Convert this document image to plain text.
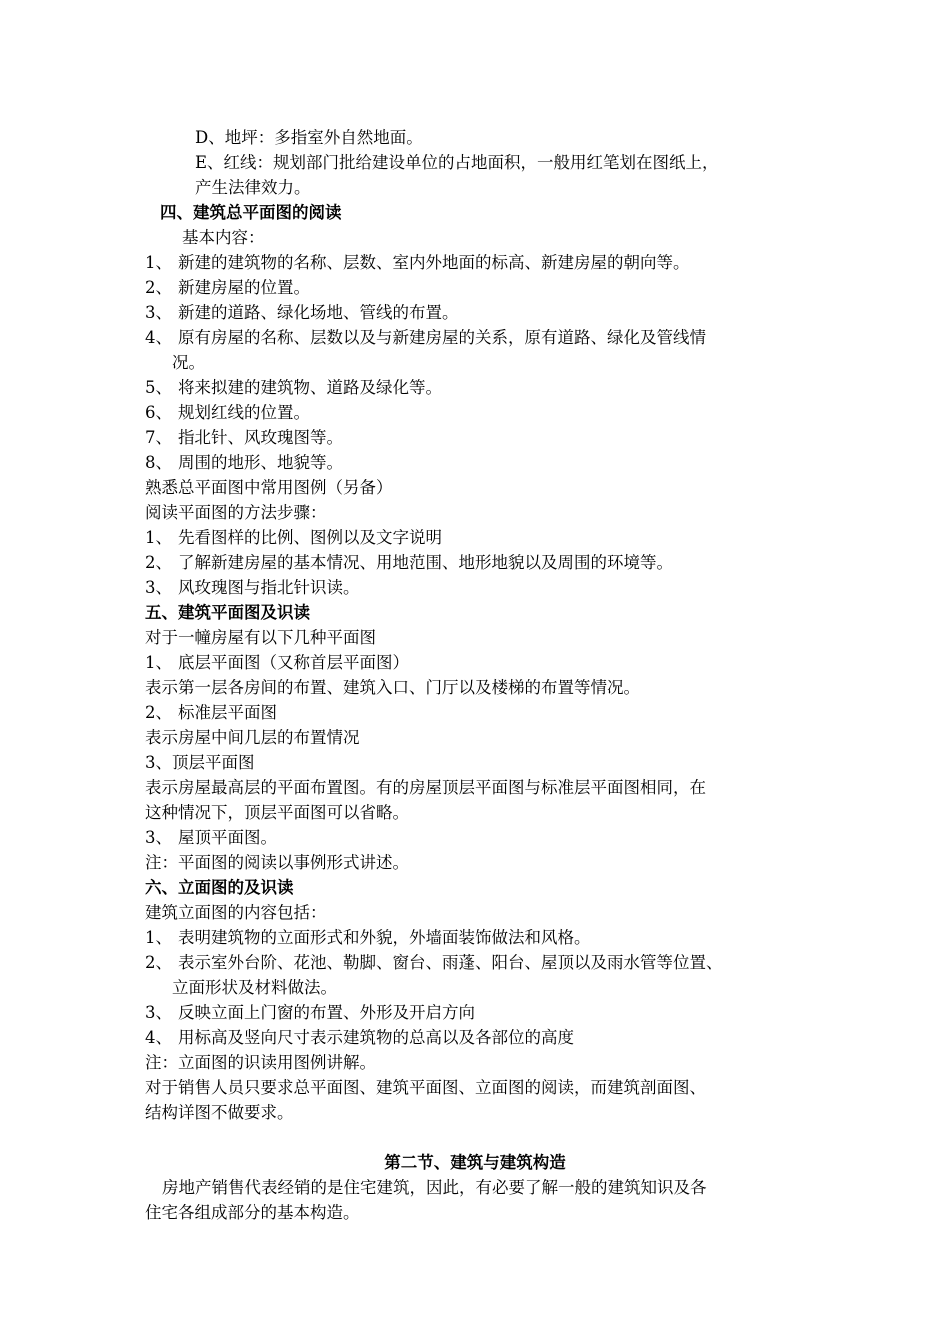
D、地坪：多指室外自然地面。
E、红线：规划部门批给建设单位的占地面积，一般用红笔划在图纸上，
产生法律效力。
四、建筑总平面图的阅读
基本内容：
1、 新建的建筑物的名称、层数、室内外地面的标高、新建房屋的朝向等。
2、 新建房屋的位置。
3、 新建的道路、绿化场地、管线的布置。
4、 原有房屋的名称、层数以及与新建房屋的关系，原有道路、绿化及管线情
况。
5、 将来拟建的建筑物、道路及绿化等。
6、 规划红线的位置。
7、 指北针、风玫瑰图等。
8、 周围的地形、地貌等。
熟悉总平面图中常用图例（另备）
阅读平面图的方法步骤：
1、 先看图样的比例、图例以及文字说明
2、 了解新建房屋的基本情况、用地范围、地形地貌以及周围的环境等。
3、 风玫瑰图与指北针识读。
五、建筑平面图及识读
对于一幢房屋有以下几种平面图
1、 底层平面图（又称首层平面图）
表示第一层各房间的布置、建筑入口、门厅以及楼梯的布置等情况。
2、 标准层平面图
表示房屋中间几层的布置情况
3、顶层平面图
表示房屋最高层的平面布置图。有的房屋顶层平面图与标准层平面图相同，在
这种情况下，顶层平面图可以省略。
3、 屋顶平面图。
注：平面图的阅读以事例形式讲述。
六、立面图的及识读
建筑立面图的内容包括：
1、 表明建筑物的立面形式和外貌，外墙面装饰做法和风格。
2、 表示室外台阶、花池、勒脚、窗台、雨蓬、阳台、屋顶以及雨水管等位置、
立面形状及材料做法。
3、 反映立面上门窗的布置、外形及开启方向
4、 用标高及竖向尺寸表示建筑物的总高以及各部位的高度
注：立面图的识读用图例讲解。
对于销售人员只要求总平面图、建筑平面图、立面图的阅读，而建筑剖面图、
结构详图不做要求。
第二节、建筑与建筑构造
房地产销售代表经销的是住宅建筑，因此，有必要了解一般的建筑知识及各
住宅各组成部分的基本构造。
